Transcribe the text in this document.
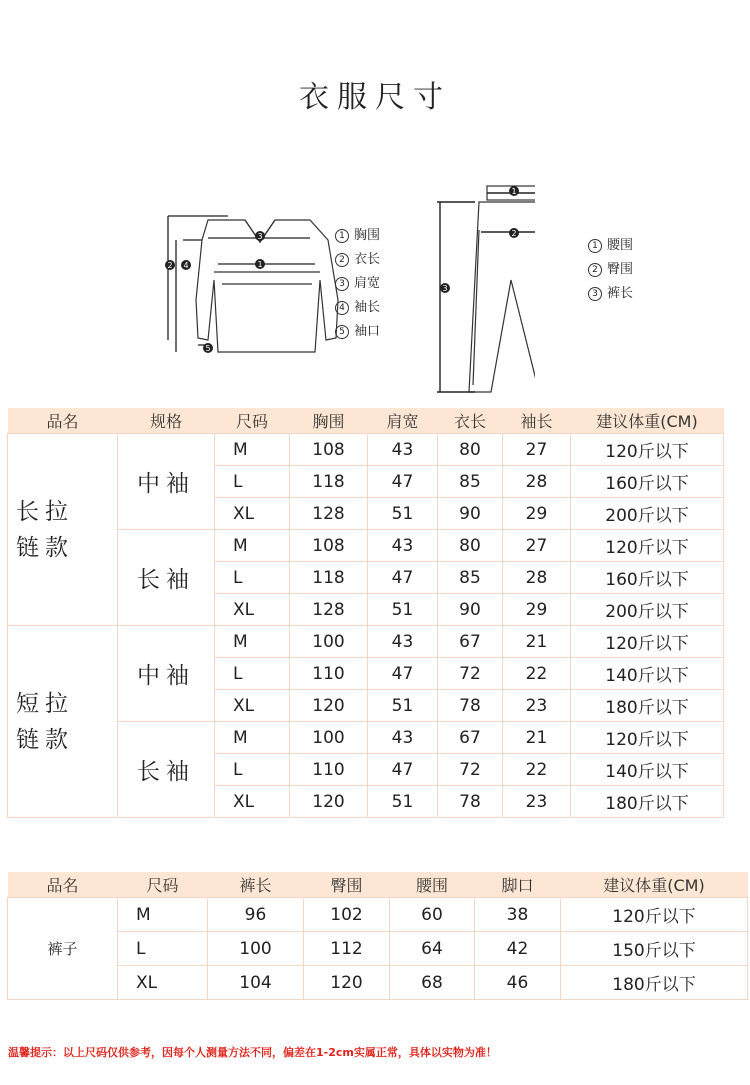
衣服尺寸
1
2
3
4
5
1 胸围
2 衣长
3 肩宽
4 袖长
5 袖口
1
2
3
1 腰围
2 臀围
3 裤长
品名	规格	尺码	胸围	肩宽	衣长	袖长	建议体重(CM)
长拉
链款	中袖	M	108	43	80	27	120斤以下
		L	118	47	85	28	160斤以下
		XL	128	51	90	29	200斤以下
	长袖	M	108	43	80	27	120斤以下
		L	118	47	85	28	160斤以下
		XL	128	51	90	29	200斤以下
短拉
链款	中袖	M	100	43	67	21	120斤以下
		L	110	47	72	22	140斤以下
		XL	120	51	78	23	180斤以下
	长袖	M	100	43	67	21	120斤以下
		L	110	47	72	22	140斤以下
		XL	120	51	78	23	180斤以下
品名	尺码	裤长	臀围	腰围	脚口	建议体重(CM)
裤子	M	96	102	60	38	120斤以下
	L	100	112	64	42	150斤以下
	XL	104	120	68	46	180斤以下
温馨提示：以上尺码仅供参考，因每个人测量方法不同，偏差在1-2cm实属正常，具体以实物为准！
